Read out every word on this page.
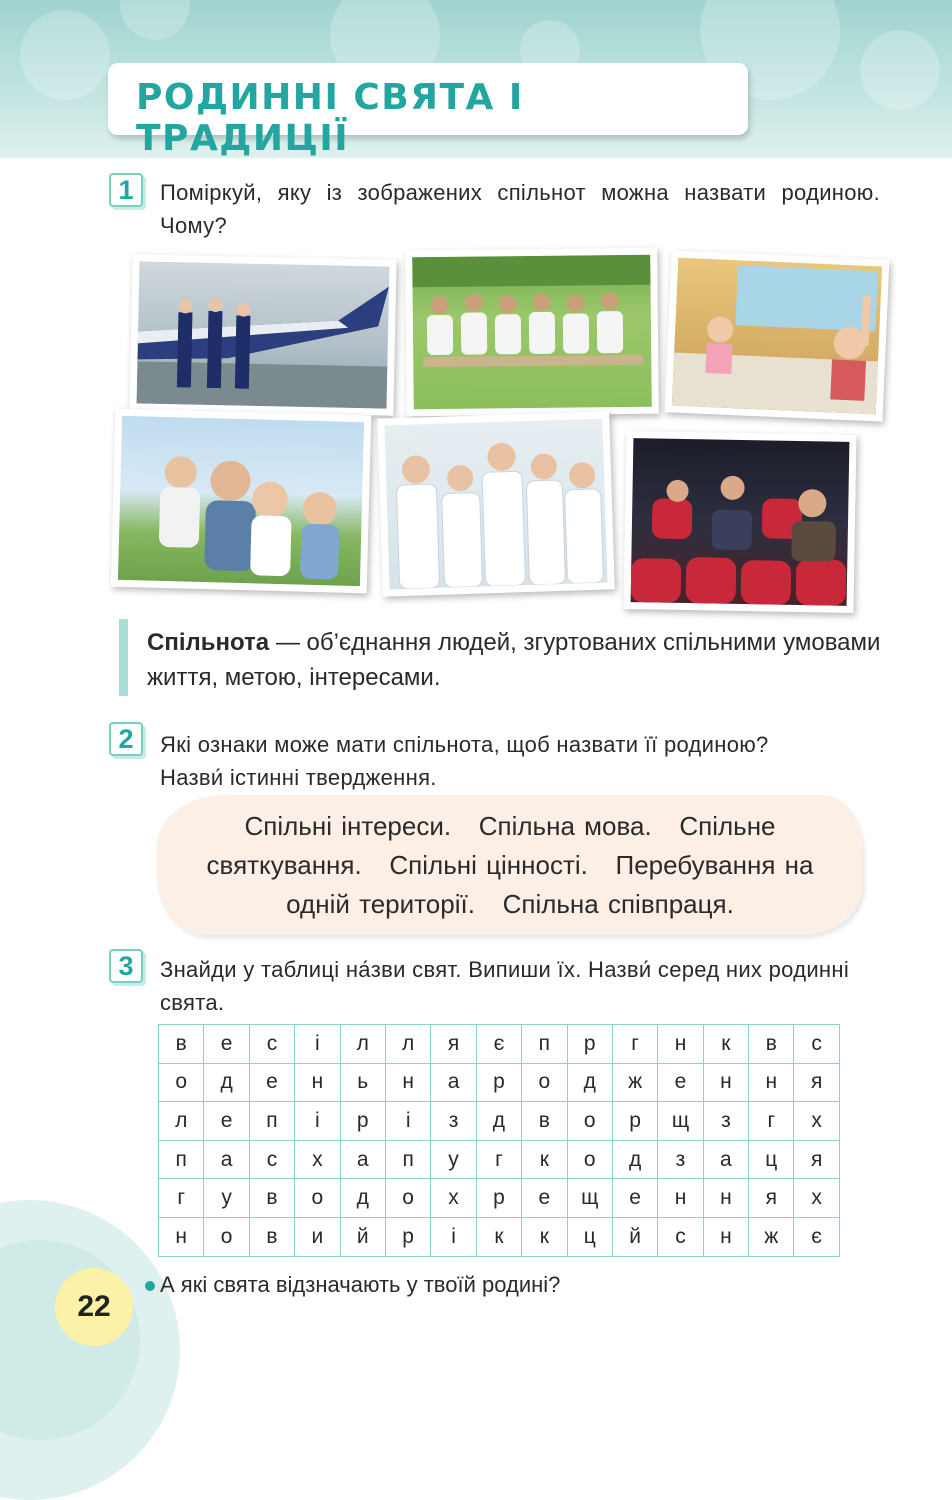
РОДИННІ СВЯТА І ТРАДИЦІЇ
1	Поміркуй, яку із зображених спільнот можна назвати родиною. Чому?
Спільнота — об’єднання людей, згуртованих спільними умовами життя, метою, інтересами.
2	Які ознаки може мати спільнота, щоб назвати її родиною?
Назви́ істинні твердження.
Спільні інтереси.   Спільна мова.   Спільне святкування.   Спільні цінності.   Перебування на одній території.   Спільна співпраця.
3	Знайди у таблиці на́зви свят. Випиши їх. Назви́ серед них родинні свята.
в	е	с	і	л	л	я	є	п	р	г	н	к	в	с
о	д	е	н	ь	н	а	р	о	д	ж	е	н	н	я
л	е	п	і	р	і	з	д	в	о	р	щ	з	г	х
п	а	с	х	а	п	у	г	к	о	д	з	а	ц	я
г	у	в	о	д	о	х	р	е	щ	е	н	н	я	х
н	о	в	и	й	р	і	к	к	ц	й	с	н	ж	є
22
А які свята відзначають у твоїй родині?
